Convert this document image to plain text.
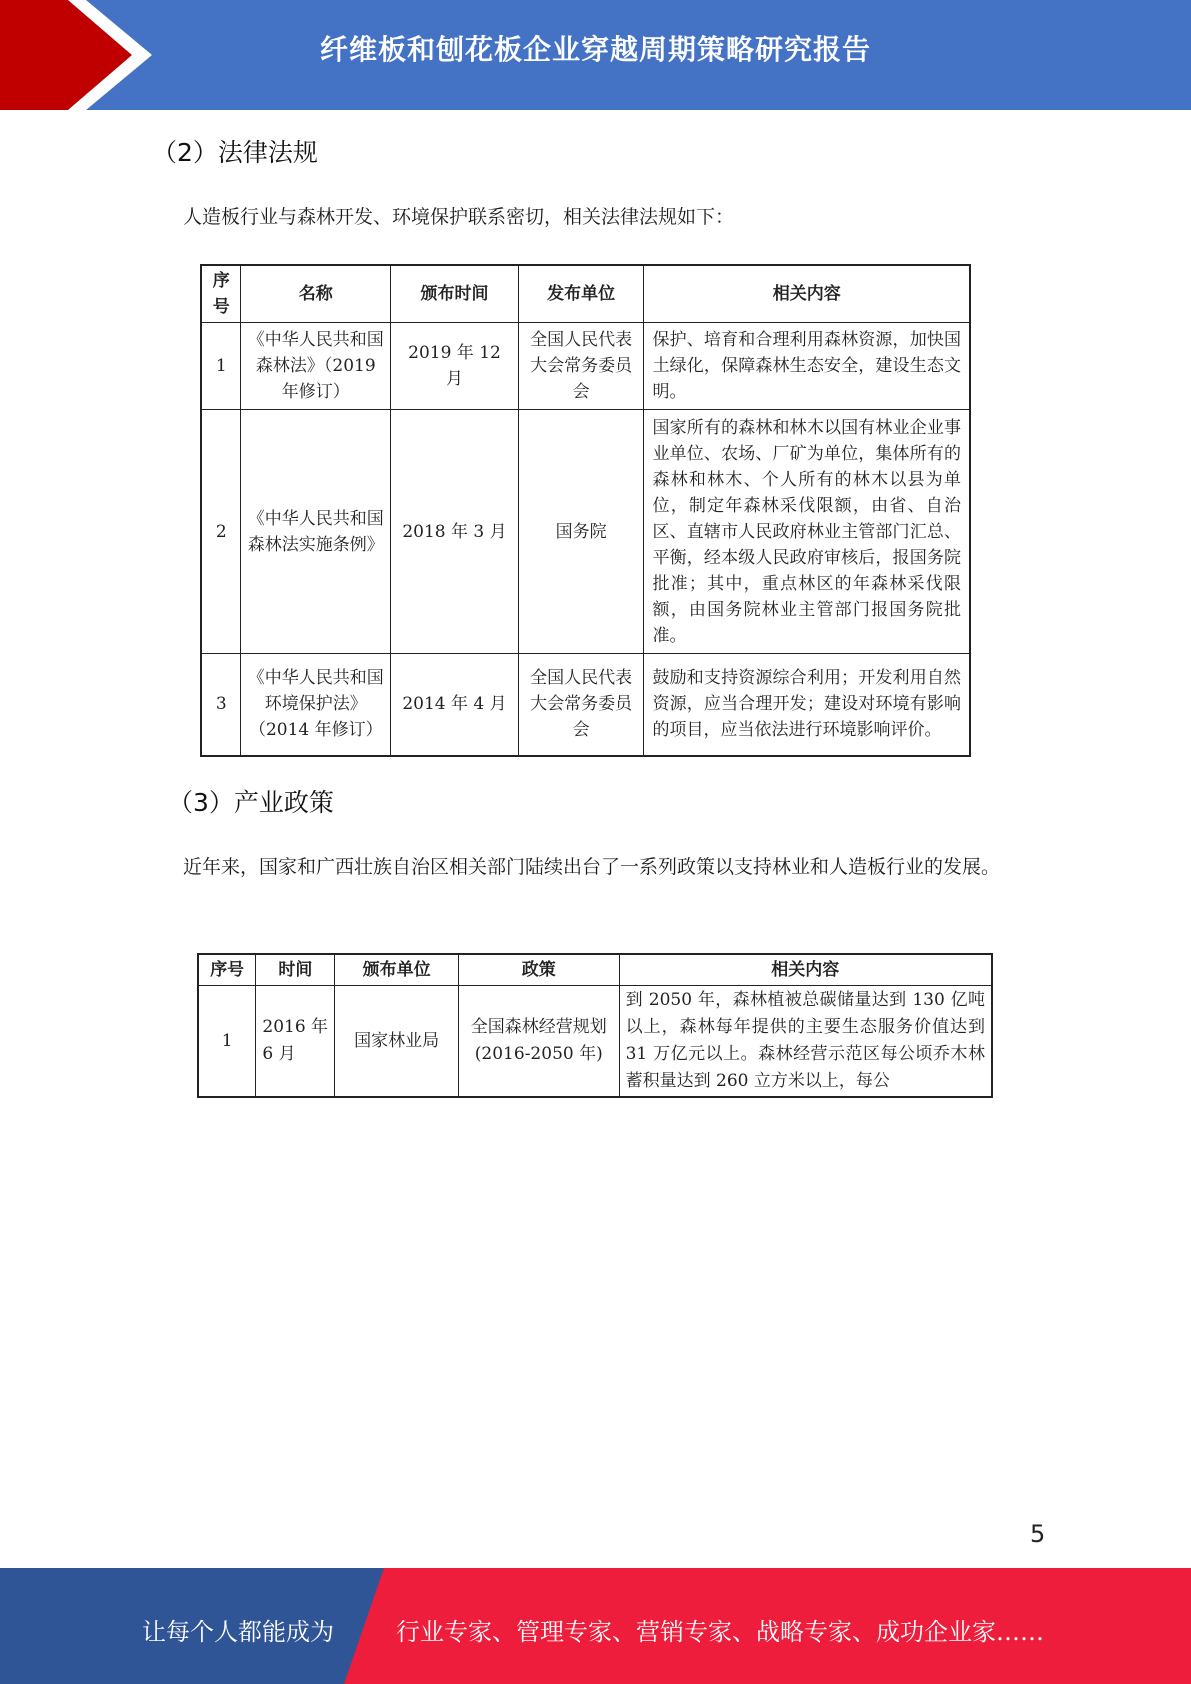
纤维板和刨花板企业穿越周期策略研究报告
（2）法律法规
人造板行业与森林开发、环境保护联系密切，相关法律法规如下：
序号	名称	颁布时间	发布单位	相关内容
1	《中华人民共和国森林法》（2019 年修订）	2019 年 12 月	全国人民代表大会常务委员会	保护、培育和合理利用森林资源，加快国土绿化，保障森林生态安全，建设生态文明。
2	《中华人民共和国森林法实施条例》	2018 年 3 月	国务院	国家所有的森林和林木以国有林业企业事业单位、农场、厂矿为单位，集体所有的森林和林木、个人所有的林木以县为单位，制定年森林采伐限额，由省、自治区、直辖市人民政府林业主管部门汇总、平衡，经本级人民政府审核后，报国务院批准；其中，重点林区的年森林采伐限额，由国务院林业主管部门报国务院批准。
3	《中华人民共和国环境保护法》（2014 年修订）	2014 年 4 月	全国人民代表大会常务委员会	鼓励和支持资源综合利用；开发利用自然资源，应当合理开发；建设对环境有影响的项目，应当依法进行环境影响评价。
（3）产业政策
近年来，国家和广西壮族自治区相关部门陆续出台了一系列政策以支持林业和人造板行业的发展。
序号	时间	颁布单位	政策	相关内容
1	2016 年 6 月	国家林业局	全国森林经营规划(2016-2050 年)	到 2050 年，森林植被总碳储量达到 130 亿吨以上，森林每年提供的主要生态服务价值达到 31 万亿元以上。森林经营示范区每公顷乔木林蓄积量达到 260 立方米以上，每公
5
让每个人都能成为	行业专家、管理专家、营销专家、战略专家、成功企业家……
